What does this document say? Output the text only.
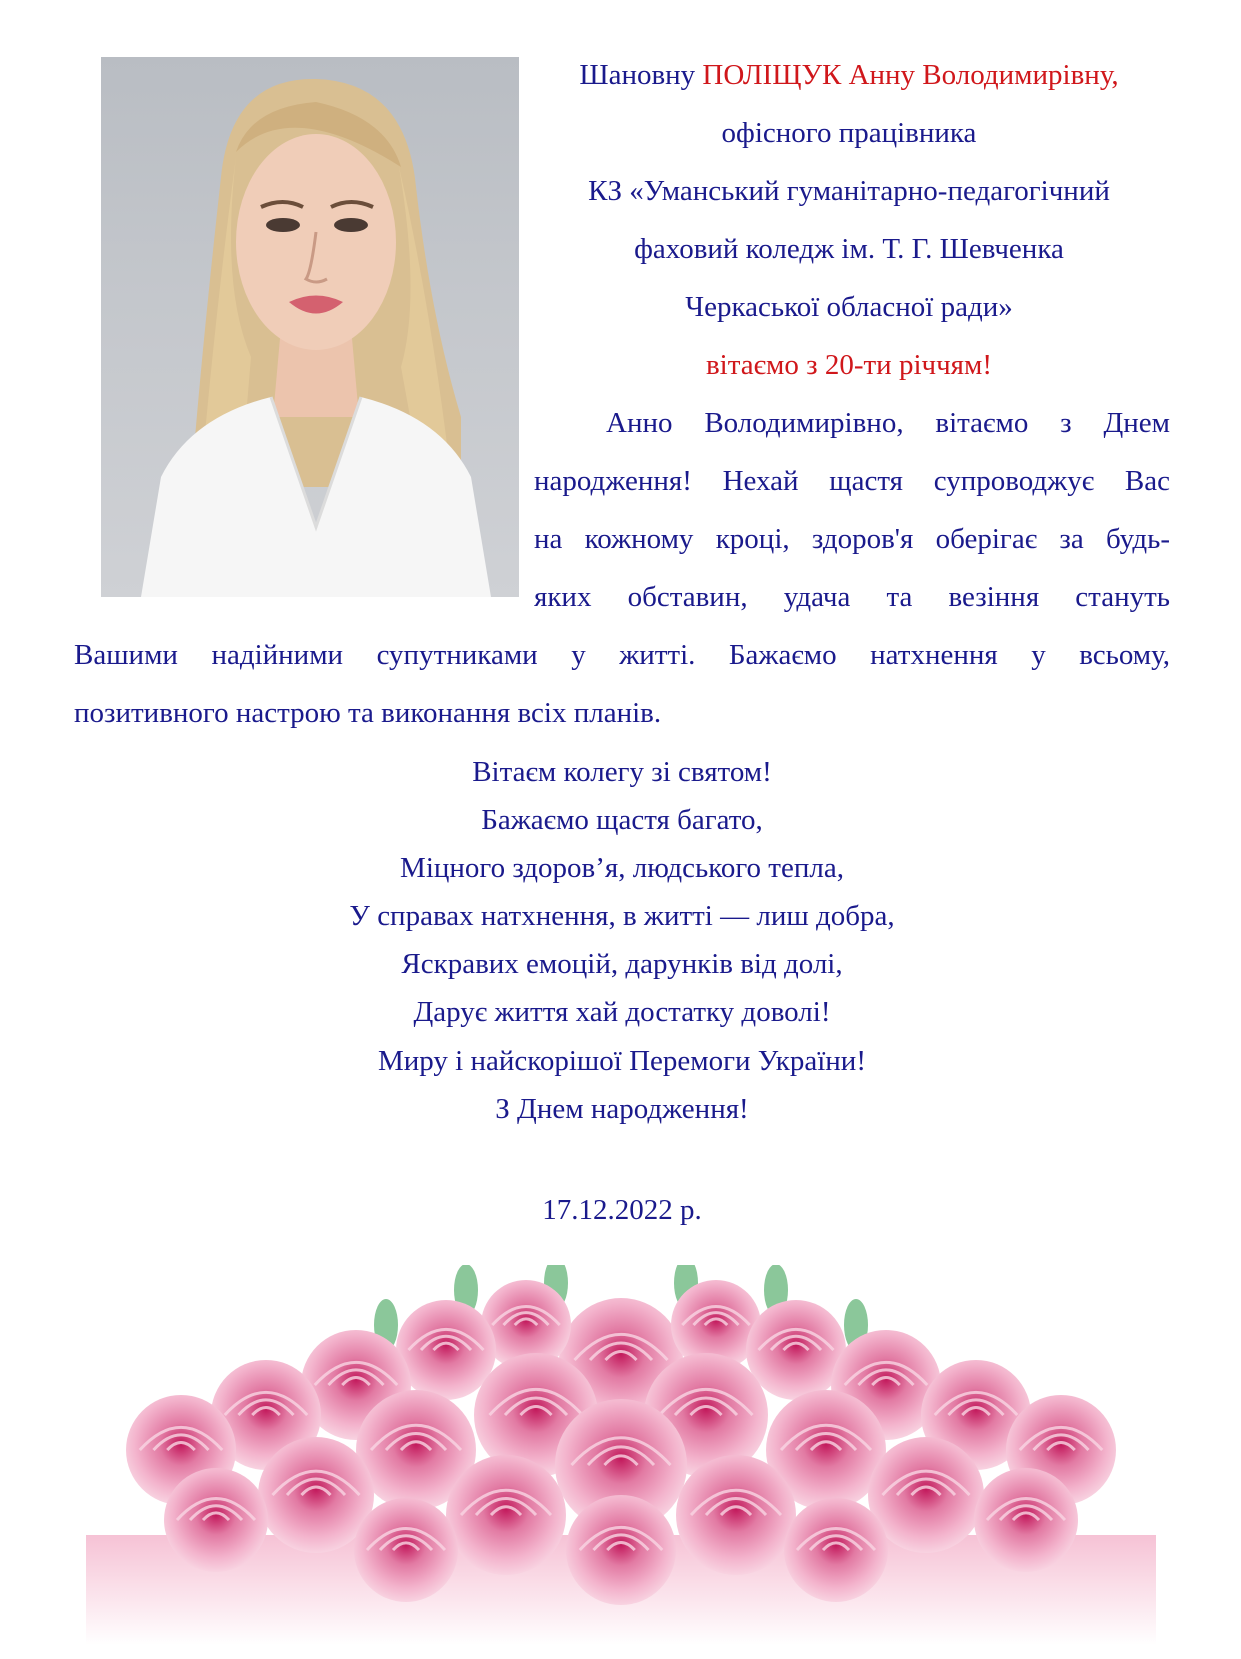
Шановну ПОЛІЩУК Анну Володимирівну,
офісного працівника
КЗ «Уманський гуманітарно-педагогічний
фаховий коледж ім. Т. Г. Шевченка
Черкаської обласної ради»
вітаємо з 20-ти річчям!
Анно Володимирівно, вітаємо з Днем
народження! Нехай щастя супроводжує Вас
на кожному кроці, здоров'я оберігає за будь-
яких обставин, удача та везіння стануть
Вашими надійними супутниками у житті. Бажаємо натхнення у всьому,
позитивного настрою та виконання всіх планів.
Вітаєм колегу зі святом!
Бажаємо щастя багато,
Міцного здоров’я, людського тепла,
У справах натхнення, в житті — лиш добра,
Яскравих емоцій, дарунків від долі,
Дарує життя хай достатку доволі!
Миру і найскорішої Перемоги України!
З Днем народження!
17.12.2022 р.
